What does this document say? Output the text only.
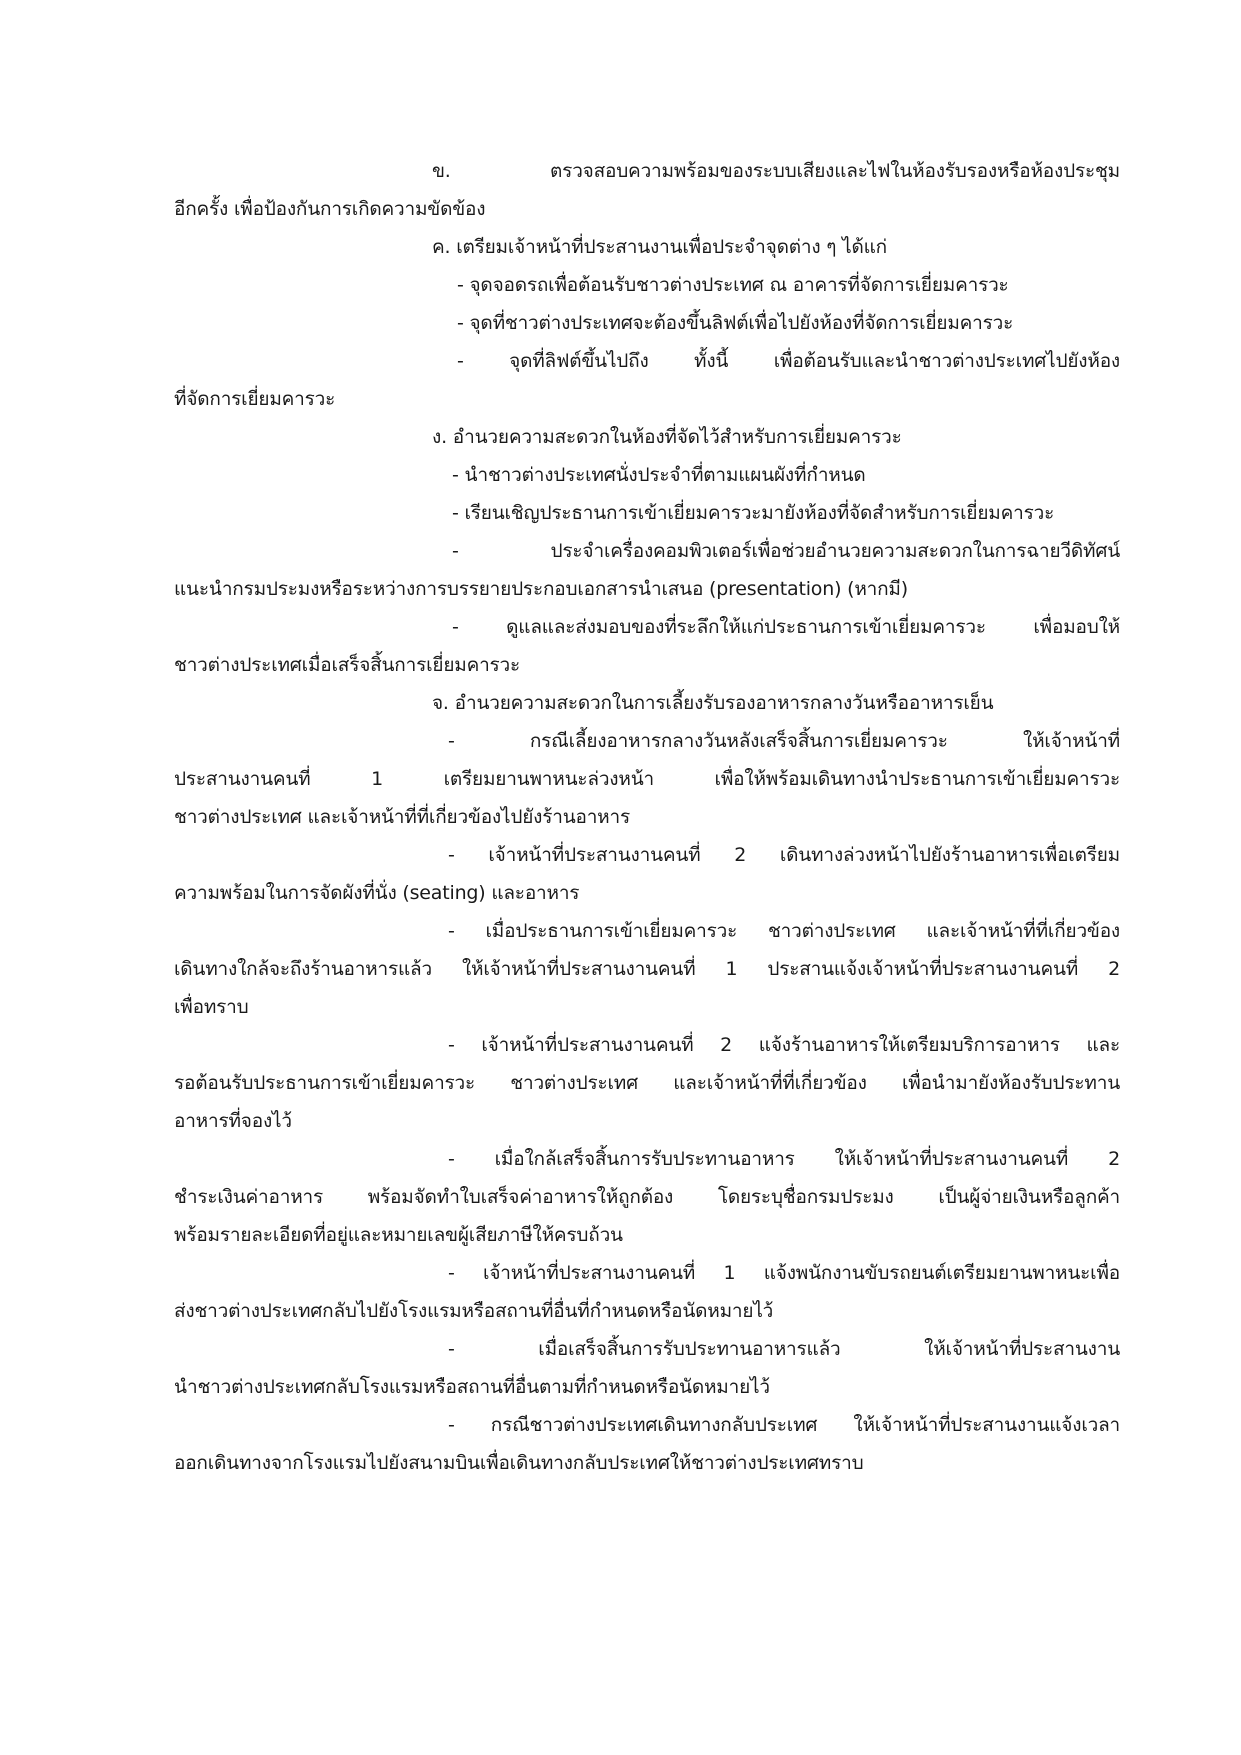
ข. ตรวจสอบความพร้อมของระบบเสียงและไฟในห้องรับรองหรือห้องประชุม
อีกครั้ง เพื่อป้องกันการเกิดความขัดข้อง

ค. เตรียมเจ้าหน้าที่ประสานงานเพื่อประจำจุดต่าง ๆ ได้แก่

- จุดจอดรถเพื่อต้อนรับชาวต่างประเทศ ณ อาคารที่จัดการเยี่ยมคารวะ

- จุดที่ชาวต่างประเทศจะต้องขึ้นลิฟต์เพื่อไปยังห้องที่จัดการเยี่ยมคารวะ

- จุดที่ลิฟต์ขึ้นไปถึง ทั้งนี้ เพื่อต้อนรับและนำชาวต่างประเทศไปยังห้อง
ที่จัดการเยี่ยมคารวะ

ง. อำนวยความสะดวกในห้องที่จัดไว้สำหรับการเยี่ยมคารวะ

- นำชาวต่างประเทศนั่งประจำที่ตามแผนผังที่กำหนด

- เรียนเชิญประธานการเข้าเยี่ยมคารวะมายังห้องที่จัดสำหรับการเยี่ยมคารวะ

- ประจำเครื่องคอมพิวเตอร์เพื่อช่วยอำนวยความสะดวกในการฉายวีดิทัศน์
แนะนำกรมประมงหรือระหว่างการบรรยายประกอบเอกสารนำเสนอ (presentation) (หากมี)

- ดูแลและส่งมอบของที่ระลึกให้แก่ประธานการเข้าเยี่ยมคารวะ เพื่อมอบให้
ชาวต่างประเทศเมื่อเสร็จสิ้นการเยี่ยมคารวะ

จ. อำนวยความสะดวกในการเลี้ยงรับรองอาหารกลางวันหรืออาหารเย็น

- กรณีเลี้ยงอาหารกลางวันหลังเสร็จสิ้นการเยี่ยมคารวะ ให้เจ้าหน้าที่
ประสานงานคนที่ 1 เตรียมยานพาหนะล่วงหน้า เพื่อให้พร้อมเดินทางนำประธานการเข้าเยี่ยมคารวะ
ชาวต่างประเทศ และเจ้าหน้าที่ที่เกี่ยวข้องไปยังร้านอาหาร

- เจ้าหน้าที่ประสานงานคนที่ 2 เดินทางล่วงหน้าไปยังร้านอาหารเพื่อเตรียม
ความพร้อมในการจัดผังที่นั่ง (seating) และอาหาร

- เมื่อประธานการเข้าเยี่ยมคารวะ ชาวต่างประเทศ และเจ้าหน้าที่ที่เกี่ยวข้อง
เดินทางใกล้จะถึงร้านอาหารแล้ว ให้เจ้าหน้าที่ประสานงานคนที่ 1 ประสานแจ้งเจ้าหน้าที่ประสานงานคนที่ 2
เพื่อทราบ

- เจ้าหน้าที่ประสานงานคนที่ 2 แจ้งร้านอาหารให้เตรียมบริการอาหาร และ
รอต้อนรับประธานการเข้าเยี่ยมคารวะ ชาวต่างประเทศ และเจ้าหน้าที่ที่เกี่ยวข้อง เพื่อนำมายังห้องรับประทาน
อาหารที่จองไว้

- เมื่อใกล้เสร็จสิ้นการรับประทานอาหาร ให้เจ้าหน้าที่ประสานงานคนที่ 2
ชำระเงินค่าอาหาร พร้อมจัดทำใบเสร็จค่าอาหารให้ถูกต้อง โดยระบุชื่อกรมประมง เป็นผู้จ่ายเงินหรือลูกค้า
พร้อมรายละเอียดที่อยู่และหมายเลขผู้เสียภาษีให้ครบถ้วน

- เจ้าหน้าที่ประสานงานคนที่ 1 แจ้งพนักงานขับรถยนต์เตรียมยานพาหนะเพื่อ
ส่งชาวต่างประเทศกลับไปยังโรงแรมหรือสถานที่อื่นที่กำหนดหรือนัดหมายไว้

- เมื่อเสร็จสิ้นการรับประทานอาหารแล้ว ให้เจ้าหน้าที่ประสานงาน
นำชาวต่างประเทศกลับโรงแรมหรือสถานที่อื่นตามที่กำหนดหรือนัดหมายไว้

- กรณีชาวต่างประเทศเดินทางกลับประเทศ ให้เจ้าหน้าที่ประสานงานแจ้งเวลา
ออกเดินทางจากโรงแรมไปยังสนามบินเพื่อเดินทางกลับประเทศให้ชาวต่างประเทศทราบ
